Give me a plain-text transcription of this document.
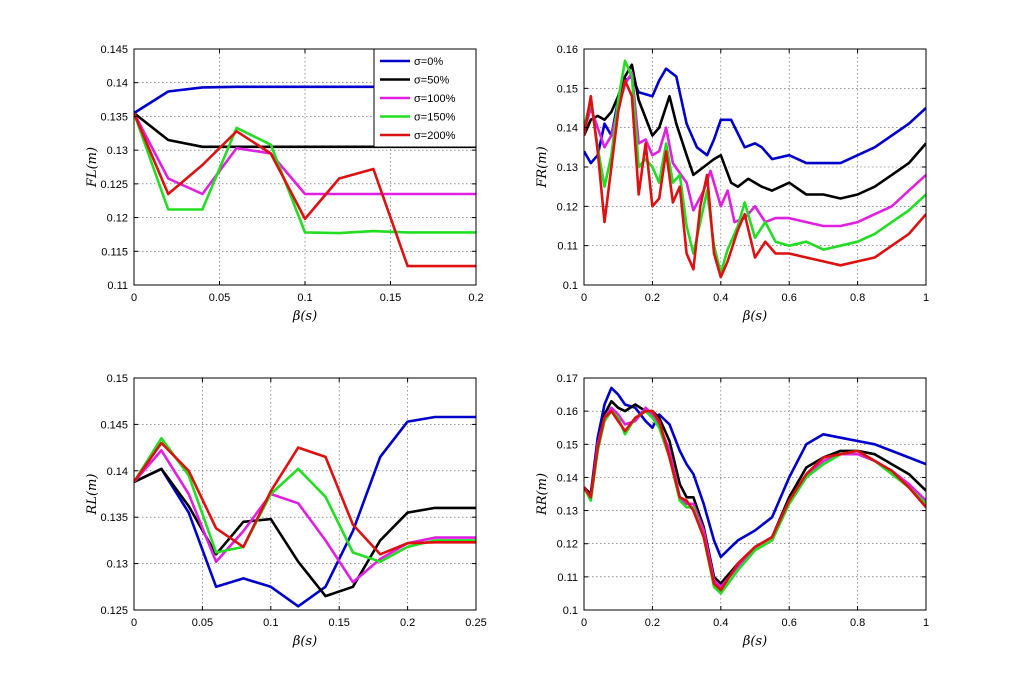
0	0.05	0.1	0.15	0.2
0.11
0.115
0.12
0.125
0.13
0.135
0.14
0.145
β(s)
FL(m)
σ=0%
σ=50%
σ=100%
σ=150%
σ=200%
0	0.2	0.4	0.6	0.8	1
0.1
0.11
0.12
0.13
0.14
0.15
0.16
β(s)
FR(m)
0	0.05	0.1	0.15	0.2	0.25
0.125
0.13
0.135
0.14
0.145
0.15
β(s)
RL(m)
0	0.2	0.4	0.6	0.8	1
0.1
0.11
0.12
0.13
0.14
0.15
0.16
0.17
β(s)
RR(m)
